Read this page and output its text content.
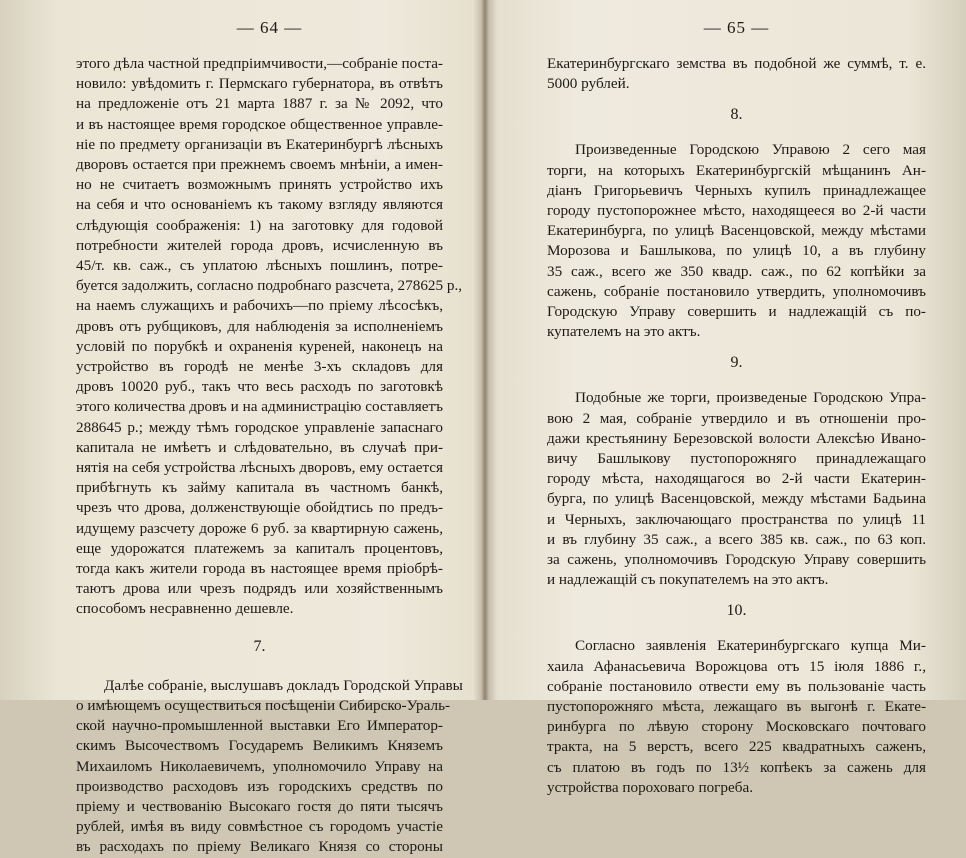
— 64 —
этого дѣла частной предпріимчивости,—собраніе поста-
новило: увѣдомить г. Пермскаго губернатора, въ отвѣтъ
на предложеніе отъ 21 марта 1887 г. за № 2092, что
и въ настоящее время городское общественное управле-
ніе по предмету организаціи въ Екатеринбургѣ лѣсныхъ
дворовъ остается при прежнемъ своемъ мнѣніи, а имен-
но не считаетъ возможнымъ принять устройство ихъ
на себя и что основаніемъ къ такому взгляду являются
слѣдующія соображенія: 1) на заготовку для годовой
потребности жителей города дровъ, исчисленную въ
45/т. кв. саж., съ уплатою лѣсныхъ пошлинъ, потре-
буется задолжить, согласно подробнаго разсчета, 278625 р.,
на наемъ служащихъ и рабочихъ—по пріему лѣсосѣкъ,
дровъ отъ рубщиковъ, для наблюденія за исполненіемъ
условій по порубкѣ и охраненія куреней, наконецъ на
устройство въ городѣ не менѣе 3-хъ складовъ для
дровъ 10020 руб., такъ что весь расходъ по заготовкѣ
этого количества дровъ и на администрацію составляетъ
288645 р.; между тѣмъ городское управленіе запаснаго
капитала не имѣетъ и слѣдовательно, въ случаѣ при-
нятія на себя устройства лѣсныхъ дворовъ, ему остается
прибѣгнуть къ займу капитала въ частномъ банкѣ,
чрезъ что дрова, долженствующіе обойдтись по предъ-
идущему разсчету дороже 6 руб. за квартирную сажень,
еще удорожатся платежемъ за капиталъ процентовъ,
тогда какъ жители города въ настоящее время пріобрѣ-
таютъ дрова или чрезъ подрядъ или хозяйственнымъ
способомъ несравненно дешевле.
7.
Далѣе собраніе, выслушавъ докладъ Городской Управы
о имѣющемъ осуществиться посѣщеніи Сибирско-Ураль-
ской научно-промышленной выставки Его Император-
скимъ Высочествомъ Государемъ Великимъ Княземъ
Михаиломъ Николаевичемъ, уполномочило Управу на
производство расходовъ изъ городскихъ средствъ по
пріему и чествованію Высокаго гостя до пяти тысячъ
рублей, имѣя въ виду совмѣстное съ городомъ участіе
въ расходахъ по пріему Великаго Князя со стороны
— 65 —
Екатеринбургскаго земства въ подобной же суммѣ, т. е.
5000 рублей.
8.
Произведенные Городскою Управою 2 сего мая
торги, на которыхъ Екатеринбургскій мѣщанинъ Ан-
діанъ Григорьевичъ Черныхъ купилъ принадлежащее
городу пустопорожнее мѣсто, находящееся во 2-й части
Екатеринбурга, по улицѣ Васенцовской, между мѣстами
Морозова и Башлыкова, по улицѣ 10, а въ глубину
35 саж., всего же 350 квадр. саж., по 62 копѣйки за
сажень, собраніе постановило утвердить, уполномочивъ
Городскую Управу совершить и надлежащій съ по-
купателемъ на это актъ.
9.
Подобные же торги, произведеные Городскою Упра-
вою 2 мая, собраніе утвердило и въ отношеніи про-
дажи крестьянину Березовской волости Алексѣю Ивано-
вичу Башлыкову пустопорожняго принадлежащаго
городу мѣста, находящагося во 2-й части Екатерин-
бурга, по улицѣ Васенцовской, между мѣстами Бадьина
и Черныхъ, заключающаго пространства по улицѣ 11
и въ глубину 35 саж., а всего 385 кв. саж., по 63 коп.
за сажень, уполномочивъ Городскую Управу совершить
и надлежащій съ покупателемъ на это актъ.
10.
Согласно заявленія Екатеринбургскаго купца Ми-
хаила Афанасьевича Ворожцова отъ 15 іюля 1886 г.,
собраніе постановило отвести ему въ пользованіе часть
пустопорожняго мѣста, лежащаго въ выгонѣ г. Екате-
ринбурга по лѣвую сторону Московскаго почтоваго
тракта, на 5 верстъ, всего 225 квадратныхъ саженъ,
съ платою въ годъ по 13½ копѣекъ за сажень для
устройства пороховаго погреба.
